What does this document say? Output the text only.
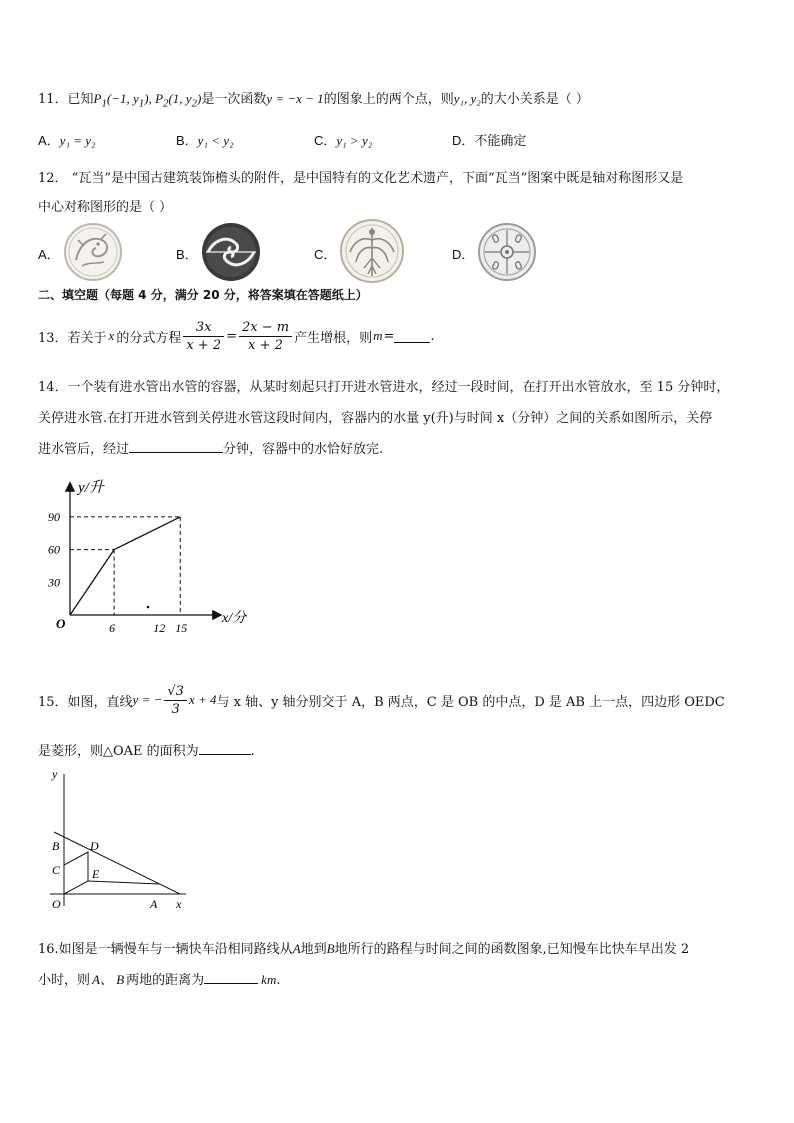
11．已知$P_1(-1$, $y_1$), $P_2(1$, $y_2$)是一次函数y = −x − 1的图象上的两个点，则y₁, y₂的大小关系是（ ）
A．y₁ = y₂	B．y₁ < y₂	C．y₁ > y₂	D．不能确定
12． “瓦当”是中国古建筑装饰檐头的附件，是中国特有的文化艺术遗产，下面“瓦当”图案中既是轴对称图形又是
中心对称图形的是（ ）
A．	B．	C．	D．
二、填空题（每题 4 分，满分 20 分，将答案填在答题纸上）
13．若关于 x 的分式方程 $\frac{3x}{x + 2} = \frac{2x - m}{x + 2}$ 产生增根，则 m =	.
14．一个装有进水管出水管的容器，从某时刻起只打开进水管进水，经过一段时间，在打开出水管放水，至 15 分钟时，
关停进水管.在打开进水管到关停进水管这段时间内，容器内的水量 y(升)与时间 x（分钟）之间的关系如图所示，关停
进水管后，经过	分钟，容器中的水恰好放完.
30
60
90
6	12 15
O
y/升
x/分
15．如图，直线 y = − $\frac{√3}{3}$ x + 4 与 x 轴、y 轴分别交于 A，B 两点，C 是 OB 的中点，D 是 AB 上一点，四边形 OEDC
是菱形，则△OAE 的面积为	.
y
x
O	A
B
C
D
E
16.如图是一辆慢车与一辆快车沿相同路线从A地到B地所行的路程与时间之间的函数图象,已知慢车比快车早出发 2
小时，则 A、 B 两地的距离为	km.
